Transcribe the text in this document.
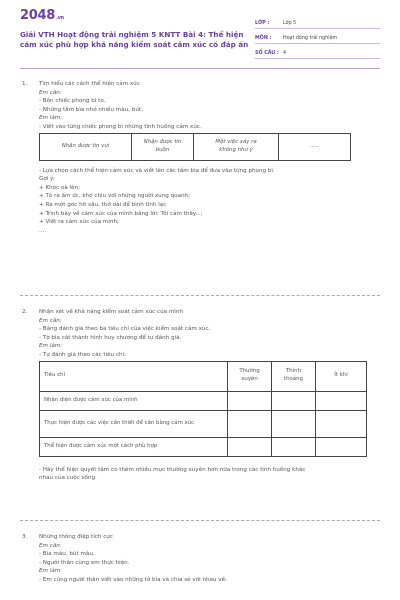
2048.vn
Giải VTH Hoạt động trải nghiệm 5 KNTT Bài 4: Thể hiện cảm xúc phù hợp khả năng kiểm soát cảm xúc có đáp án
LỚP :	Lớp 5
MÔN :	Hoạt động trải nghiệm
SỐ CÂU : 4
1. Tìm hiểu các cách thể hiện cảm xúc

Em cần:

- Bốn chiếc phong bì to.

- Những tấm bìa nhỏ nhiều màu, bút.

Em làm:

- Viết vào từng chiếc phong bì những tình huống cảm xúc.

Nhận được tin vui	Nhận được tin buồn	Một việc xảy ra không như ý	.....

- Lựa chọn cách thể hiện cảm xúc và viết lên các tấm bìa để đưa vào từng phong bì.

Gợi ý:

+ Khóc oà lên;

+ Tỏ ra ấm ức, khó chịu với những người xung quanh;

+ Ra một góc hít sâu, thở dài để bình tĩnh lại;

+ Trình bày về cảm xúc của mình bằng lời: Tôi cảm thấy...;

+ Viết ra cảm xúc của mình;

....

2. Nhận xét về khả năng kiểm soát cảm xúc của mình

Em cần:

- Bảng đánh giá theo ba tiêu chí của việc kiểm soát cảm xúc.

- Tờ bìa cắt thành hình huy chương để tự đánh giá.

Em làm:

- Tự đánh giá theo các tiêu chí:

Tiêu chí	Thường xuyên	Thỉnh thoảng	Ít khi
Nhận diện được cảm xúc của mình			
Thực hiện được các việc cần thiết để cân bằng cảm xúc			
Thể hiện được cảm xúc một cách phù hợp			

- Hãy thể hiện quyết tâm có thêm nhiều mục thường xuyên hơn nữa trong các tình huống khác

nhau của cuộc sống.

3. Những thông điệp tích cực

Em cần:

- Bìa màu, bút màu.

- Người thân cùng em thực hiện.

Em làm:

- Em cùng người thân viết vào những tờ bìa và chia sẻ với nhau về:
